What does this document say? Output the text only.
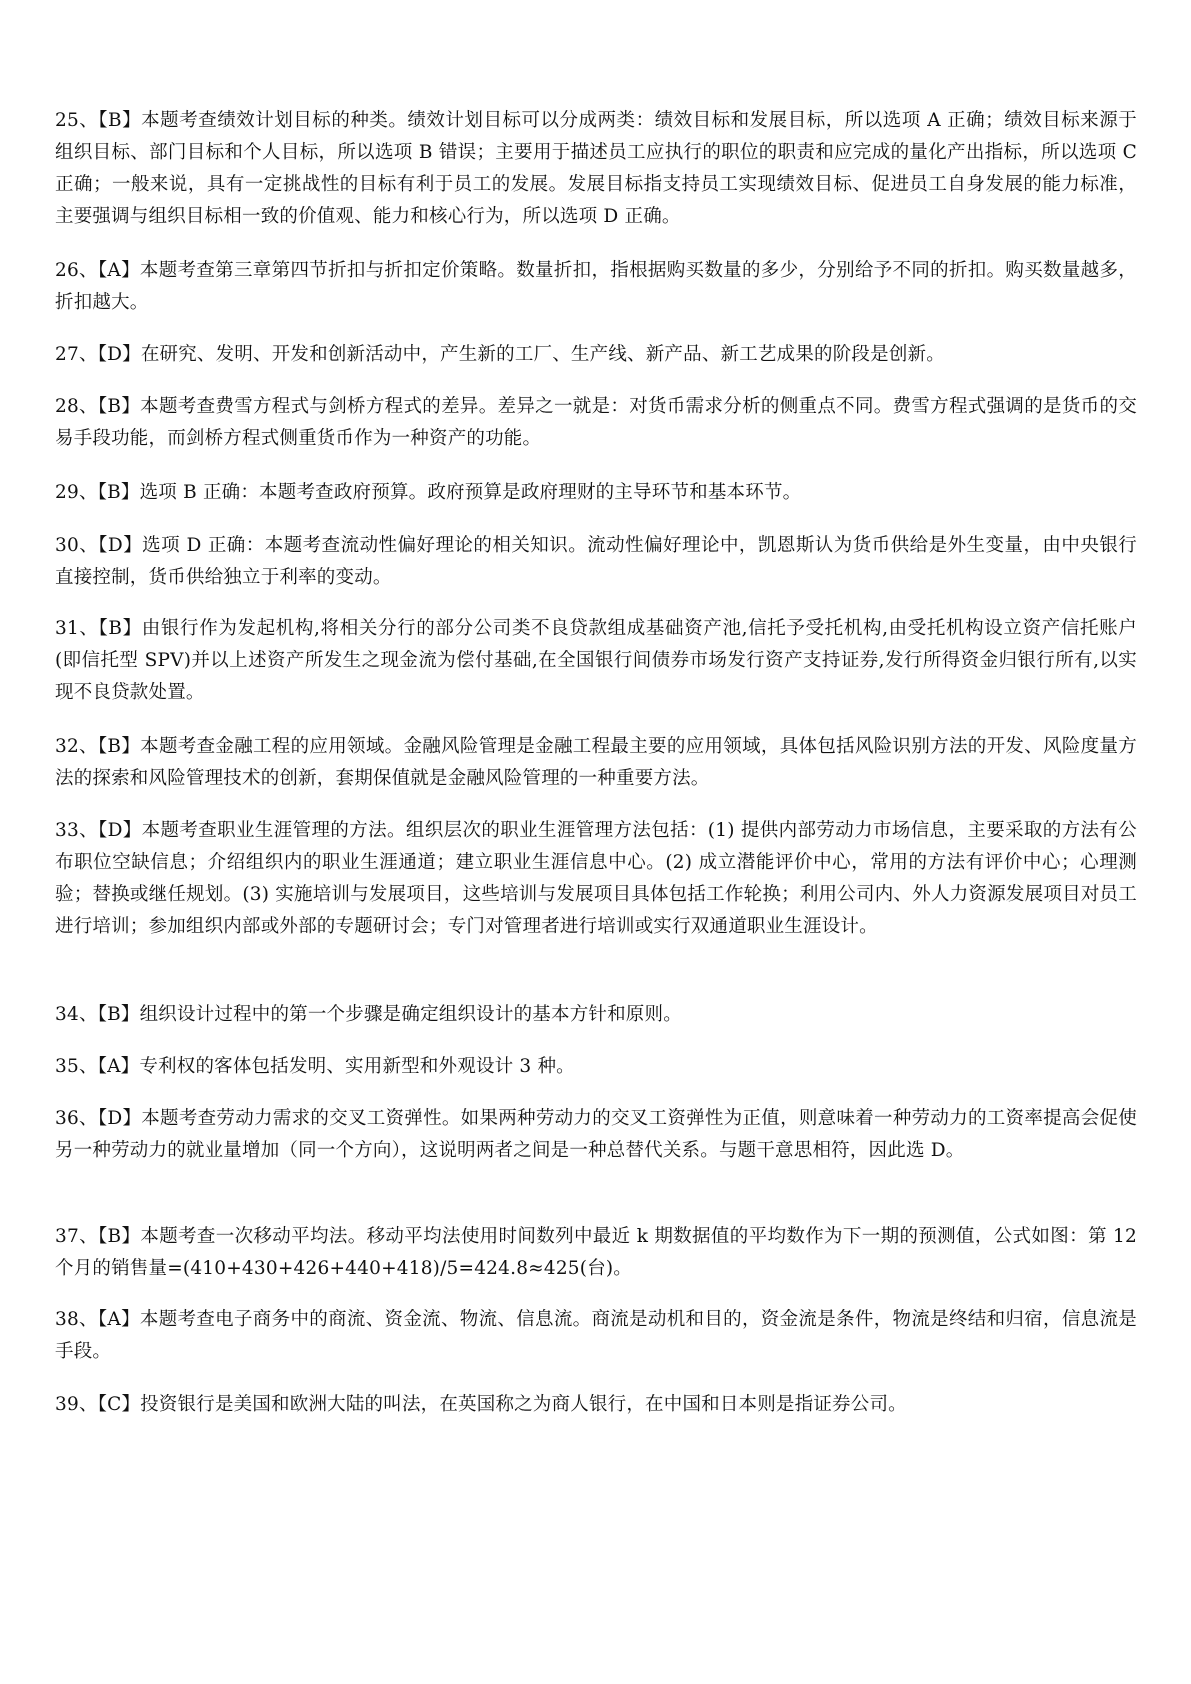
25、【B】本题考查绩效计划目标的种类。绩效计划目标可以分成两类：绩效目标和发展目标，所以选项 A 正确；绩效目标来源于组织目标、部门目标和个人目标，所以选项 B 错误；主要用于描述员工应执行的职位的职责和应完成的量化产出指标，所以选项 C 正确；一般来说，具有一定挑战性的目标有利于员工的发展。发展目标指支持员工实现绩效目标、促进员工自身发展的能力标准，主要强调与组织目标相一致的价值观、能力和核心行为，所以选项 D 正确。

26、【A】本题考查第三章第四节折扣与折扣定价策略。数量折扣，指根据购买数量的多少，分别给予不同的折扣。购买数量越多，折扣越大。

27、【D】在研究、发明、开发和创新活动中，产生新的工厂、生产线、新产品、新工艺成果的阶段是创新。

28、【B】本题考查费雪方程式与剑桥方程式的差异。差异之一就是：对货币需求分析的侧重点不同。费雪方程式强调的是货币的交易手段功能，而剑桥方程式侧重货币作为一种资产的功能。

29、【B】选项 B 正确：本题考查政府预算。政府预算是政府理财的主导环节和基本环节。

30、【D】选项 D 正确：本题考查流动性偏好理论的相关知识。流动性偏好理论中，凯恩斯认为货币供给是外生变量，由中央银行直接控制，货币供给独立于利率的变动。

31、【B】由银行作为发起机构,将相关分行的部分公司类不良贷款组成基础资产池,信托予受托机构,由受托机构设立资产信托账户(即信托型 SPV)并以上述资产所发生之现金流为偿付基础,在全国银行间债券市场发行资产支持证券,发行所得资金归银行所有,以实现不良贷款处置。

32、【B】本题考查金融工程的应用领域。金融风险管理是金融工程最主要的应用领域，具体包括风险识别方法的开发、风险度量方法的探索和风险管理技术的创新，套期保值就是金融风险管理的一种重要方法。

33、【D】本题考查职业生涯管理的方法。组织层次的职业生涯管理方法包括：(1) 提供内部劳动力市场信息，主要采取的方法有公布职位空缺信息；介绍组织内的职业生涯通道；建立职业生涯信息中心。(2) 成立潜能评价中心，常用的方法有评价中心；心理测验；替换或继任规划。(3) 实施培训与发展项目，这些培训与发展项目具体包括工作轮换；利用公司内、外人力资源发展项目对员工进行培训；参加组织内部或外部的专题研讨会；专门对管理者进行培训或实行双通道职业生涯设计。

34、【B】组织设计过程中的第一个步骤是确定组织设计的基本方针和原则。

35、【A】专利权的客体包括发明、实用新型和外观设计 3 种。

36、【D】本题考查劳动力需求的交叉工资弹性。如果两种劳动力的交叉工资弹性为正值，则意味着一种劳动力的工资率提高会促使另一种劳动力的就业量增加（同一个方向），这说明两者之间是一种总替代关系。与题干意思相符，因此选 D。

37、【B】本题考查一次移动平均法。移动平均法使用时间数列中最近 k 期数据值的平均数作为下一期的预测值，公式如图：第 12 个月的销售量=(410+430+426+440+418)/5=424.8≈425(台)。

38、【A】本题考查电子商务中的商流、资金流、物流、信息流。商流是动机和目的，资金流是条件，物流是终结和归宿，信息流是手段。

39、【C】投资银行是美国和欧洲大陆的叫法，在英国称之为商人银行，在中国和日本则是指证券公司。
